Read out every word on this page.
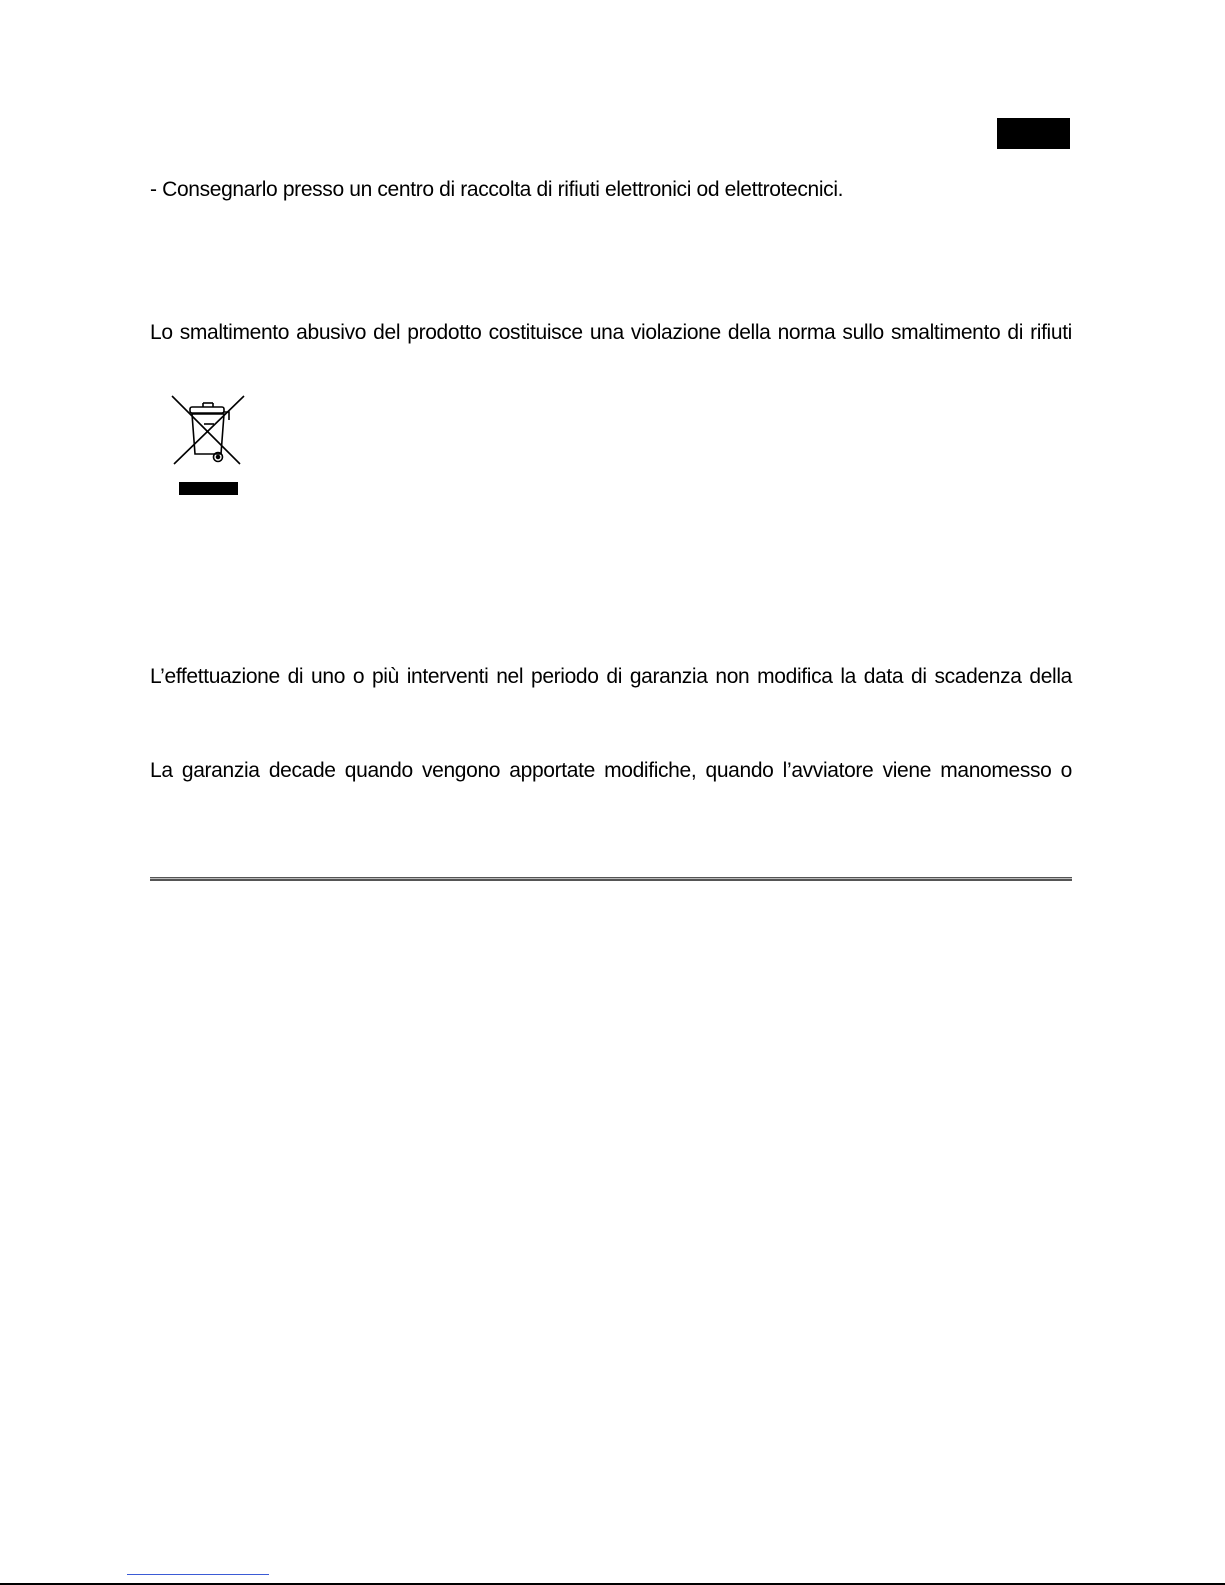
- Consegnarlo presso un centro di raccolta di rifiuti elettronici od elettrotecnici.
Lo smaltimento abusivo del prodotto costituisce una violazione della norma sullo smaltimento di rifiuti
L’effettuazione di uno o più interventi nel periodo di garanzia non modifica la data di scadenza della
La garanzia decade quando vengono apportate modifiche, quando l’avviatore viene manomesso o
